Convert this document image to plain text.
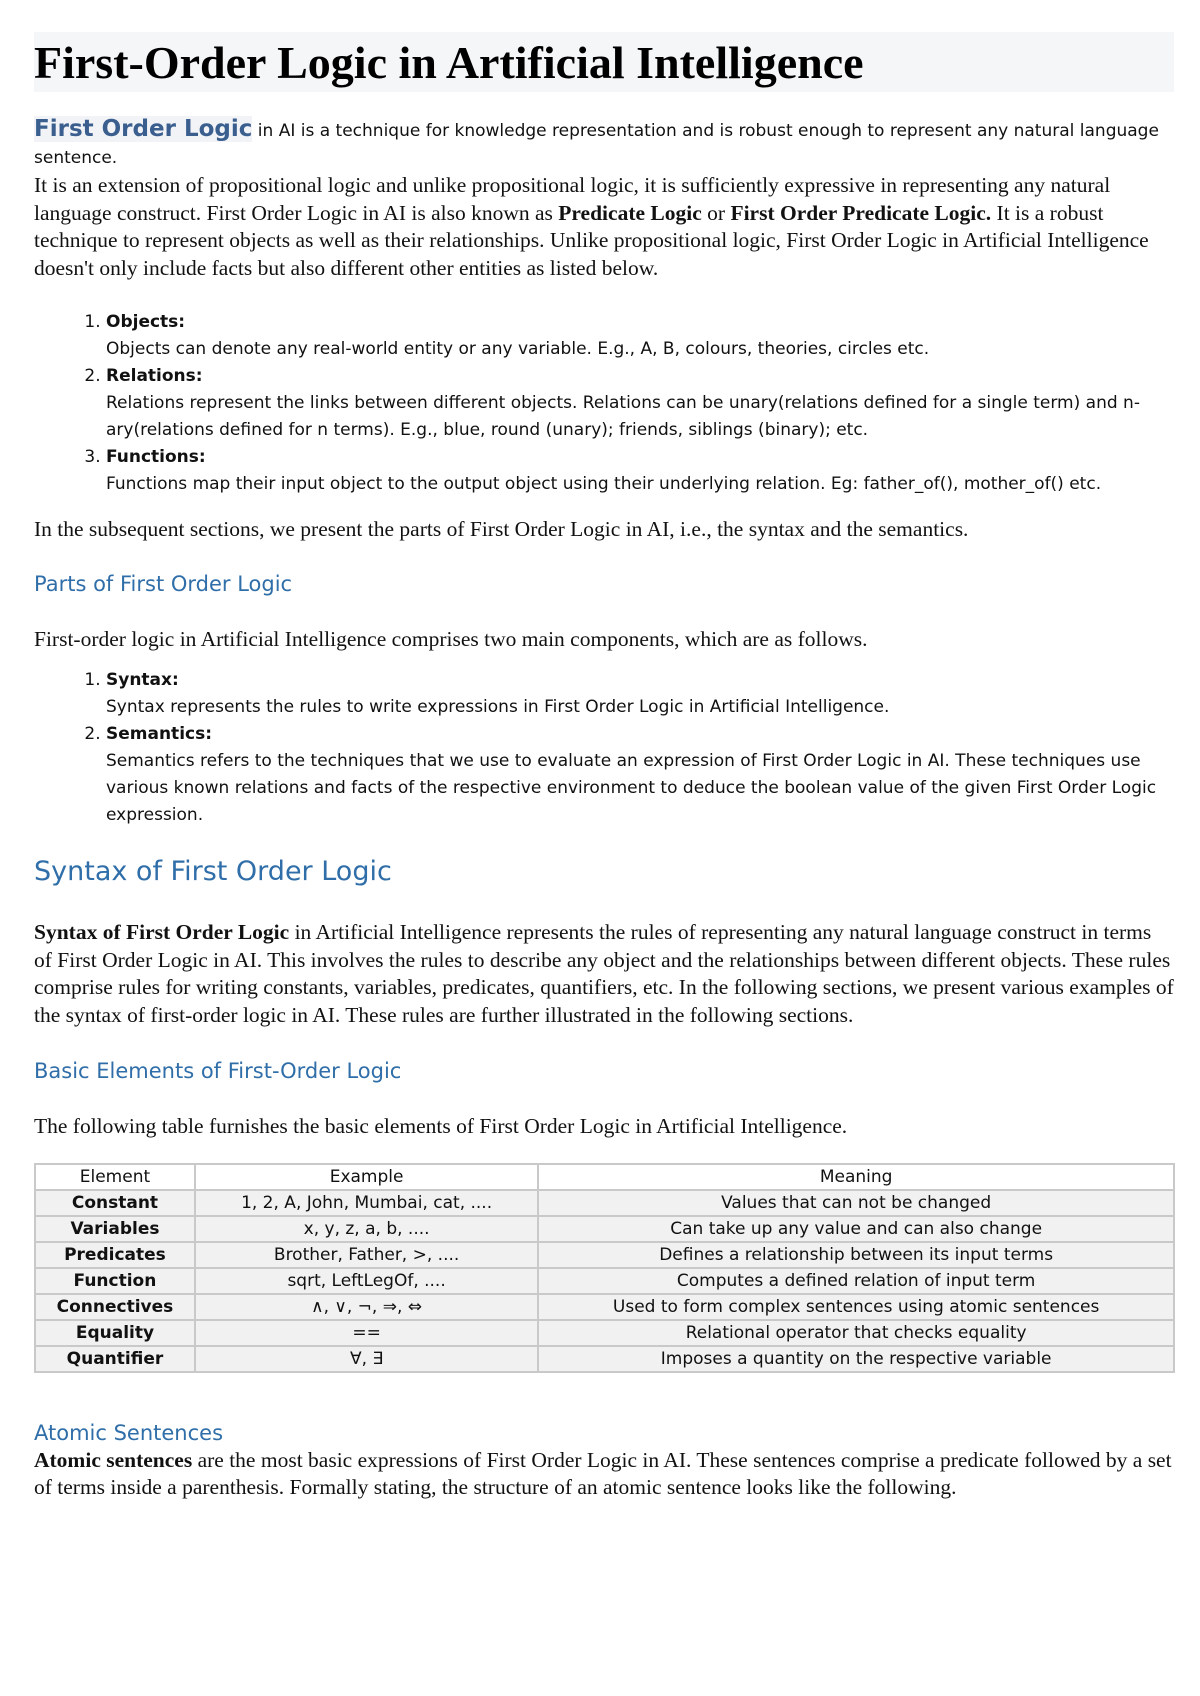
First-Order Logic in Artificial Intelligence

First Order Logic in AI is a technique for knowledge representation and is robust enough to represent any natural language sentence.

It is an extension of propositional logic and unlike propositional logic, it is sufficiently expressive in representing any natural language construct. First Order Logic in AI is also known as Predicate Logic or First Order Predicate Logic. It is a robust technique to represent objects as well as their relationships. Unlike propositional logic, First Order Logic in Artificial Intelligence doesn't only include facts but also different other entities as listed below.

1. Objects:
Objects can denote any real-world entity or any variable. E.g., A, B, colours, theories, circles etc.
2. Relations:
Relations represent the links between different objects. Relations can be unary(relations defined for a single term) and n-ary(relations defined for n terms). E.g., blue, round (unary); friends, siblings (binary); etc.
3. Functions:
Functions map their input object to the output object using their underlying relation. Eg: father_of(), mother_of() etc.

In the subsequent sections, we present the parts of First Order Logic in AI, i.e., the syntax and the semantics.

Parts of First Order Logic

First-order logic in Artificial Intelligence comprises two main components, which are as follows.

1. Syntax:
Syntax represents the rules to write expressions in First Order Logic in Artificial Intelligence.
2. Semantics:
Semantics refers to the techniques that we use to evaluate an expression of First Order Logic in AI. These techniques use various known relations and facts of the respective environment to deduce the boolean value of the given First Order Logic expression.
Syntax of First Order Logic

Syntax of First Order Logic in Artificial Intelligence represents the rules of representing any natural language construct in terms of First Order Logic in AI. This involves the rules to describe any object and the relationships between different objects. These rules comprise rules for writing constants, variables, predicates, quantifiers, etc. In the following sections, we present various examples of the syntax of first-order logic in AI. These rules are further illustrated in the following sections.

Basic Elements of First-Order Logic

The following table furnishes the basic elements of First Order Logic in Artificial Intelligence.

Element	Example	Meaning
Constant	1, 2, A, John, Mumbai, cat, ....	Values that can not be changed
Variables	x, y, z, a, b, ....	Can take up any value and can also change
Predicates	Brother, Father, >, ....	Defines a relationship between its input terms
Function	sqrt, LeftLegOf, ....	Computes a defined relation of input term
Connectives	∧, ∨, ¬, ⇒, ⇔	Used to form complex sentences using atomic sentences
Equality	==	Relational operator that checks equality
Quantifier	∀, ∃	Imposes a quantity on the respective variable
Atomic Sentences

Atomic sentences are the most basic expressions of First Order Logic in AI. These sentences comprise a predicate followed by a set of terms inside a parenthesis. Formally stating, the structure of an atomic sentence looks like the following.
